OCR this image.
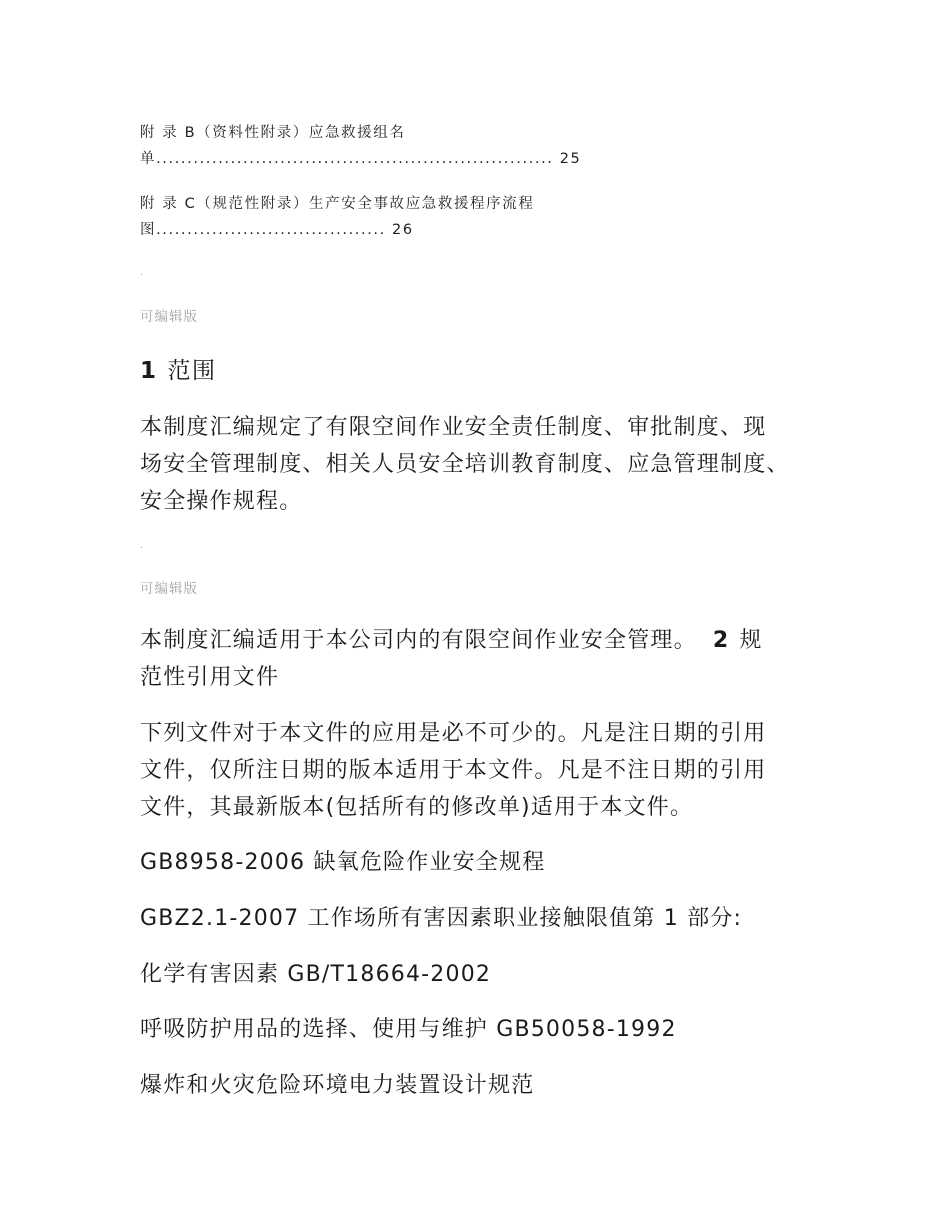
附 录 B（资料性附录）应急救援组名
单................................................................ 25
附 录 C（规范性附录）生产安全事故应急救援程序流程
图..................................... 26
.
可编辑版
1 范围
本制度汇编规定了有限空间作业安全责任制度、审批制度、现
场安全管理制度、相关人员安全培训教育制度、应急管理制度、
安全操作规程。
.
可编辑版
本制度汇编适用于本公司内的有限空间作业安全管理。 2 规
范性引用文件
下列文件对于本文件的应用是必不可少的。凡是注日期的引用
文件，仅所注日期的版本适用于本文件。凡是不注日期的引用
文件，其最新版本(包括所有的修改单)适用于本文件。
GB8958-2006 缺氧危险作业安全规程
GBZ2.1-2007 工作场所有害因素职业接触限值第 1 部分:
化学有害因素 GB/T18664-2002
呼吸防护用品的选择、使用与维护 GB50058-1992
爆炸和火灾危险环境电力装置设计规范
